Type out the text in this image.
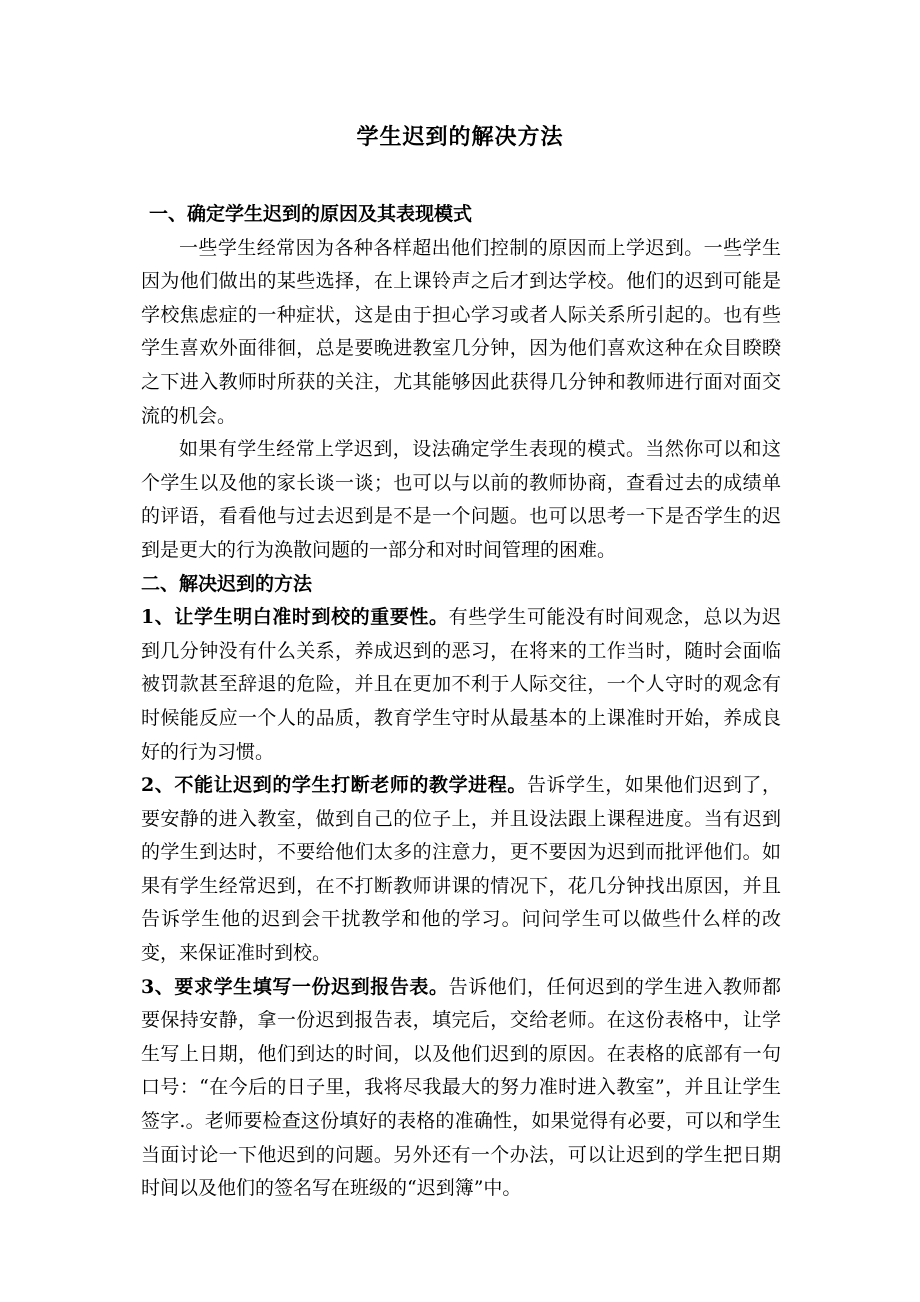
学生迟到的解决方法

一、确定学生迟到的原因及其表现模式

一些学生经常因为各种各样超出他们控制的原因而上学迟到。一些学生因为他们做出的某些选择，在上课铃声之后才到达学校。他们的迟到可能是学校焦虑症的一种症状，这是由于担心学习或者人际关系所引起的。也有些学生喜欢外面徘徊，总是要晚进教室几分钟，因为他们喜欢这种在众目睽睽之下进入教师时所获的关注，尤其能够因此获得几分钟和教师进行面对面交流的机会。

如果有学生经常上学迟到，设法确定学生表现的模式。当然你可以和这个学生以及他的家长谈一谈；也可以与以前的教师协商，查看过去的成绩单的评语，看看他与过去迟到是不是一个问题。也可以思考一下是否学生的迟到是更大的行为涣散问题的一部分和对时间管理的困难。

二、解决迟到的方法

1、让学生明白准时到校的重要性。有些学生可能没有时间观念，总以为迟到几分钟没有什么关系，养成迟到的恶习，在将来的工作当时，随时会面临被罚款甚至辞退的危险，并且在更加不利于人际交往，一个人守时的观念有时候能反应一个人的品质，教育学生守时从最基本的上课准时开始，养成良好的行为习惯。

2、不能让迟到的学生打断老师的教学进程。告诉学生，如果他们迟到了，要安静的进入教室，做到自己的位子上，并且设法跟上课程进度。当有迟到的学生到达时，不要给他们太多的注意力，更不要因为迟到而批评他们。如果有学生经常迟到，在不打断教师讲课的情况下，花几分钟找出原因，并且告诉学生他的迟到会干扰教学和他的学习。问问学生可以做些什么样的改变，来保证准时到校。

3、要求学生填写一份迟到报告表。告诉他们，任何迟到的学生进入教师都要保持安静，拿一份迟到报告表，填完后，交给老师。在这份表格中，让学生写上日期，他们到达的时间，以及他们迟到的原因。在表格的底部有一句口号：“在今后的日子里，我将尽我最大的努力准时进入教室”，并且让学生签字.。老师要检查这份填好的表格的准确性，如果觉得有必要，可以和学生当面讨论一下他迟到的问题。另外还有一个办法，可以让迟到的学生把日期时间以及他们的签名写在班级的“迟到簿”中。
